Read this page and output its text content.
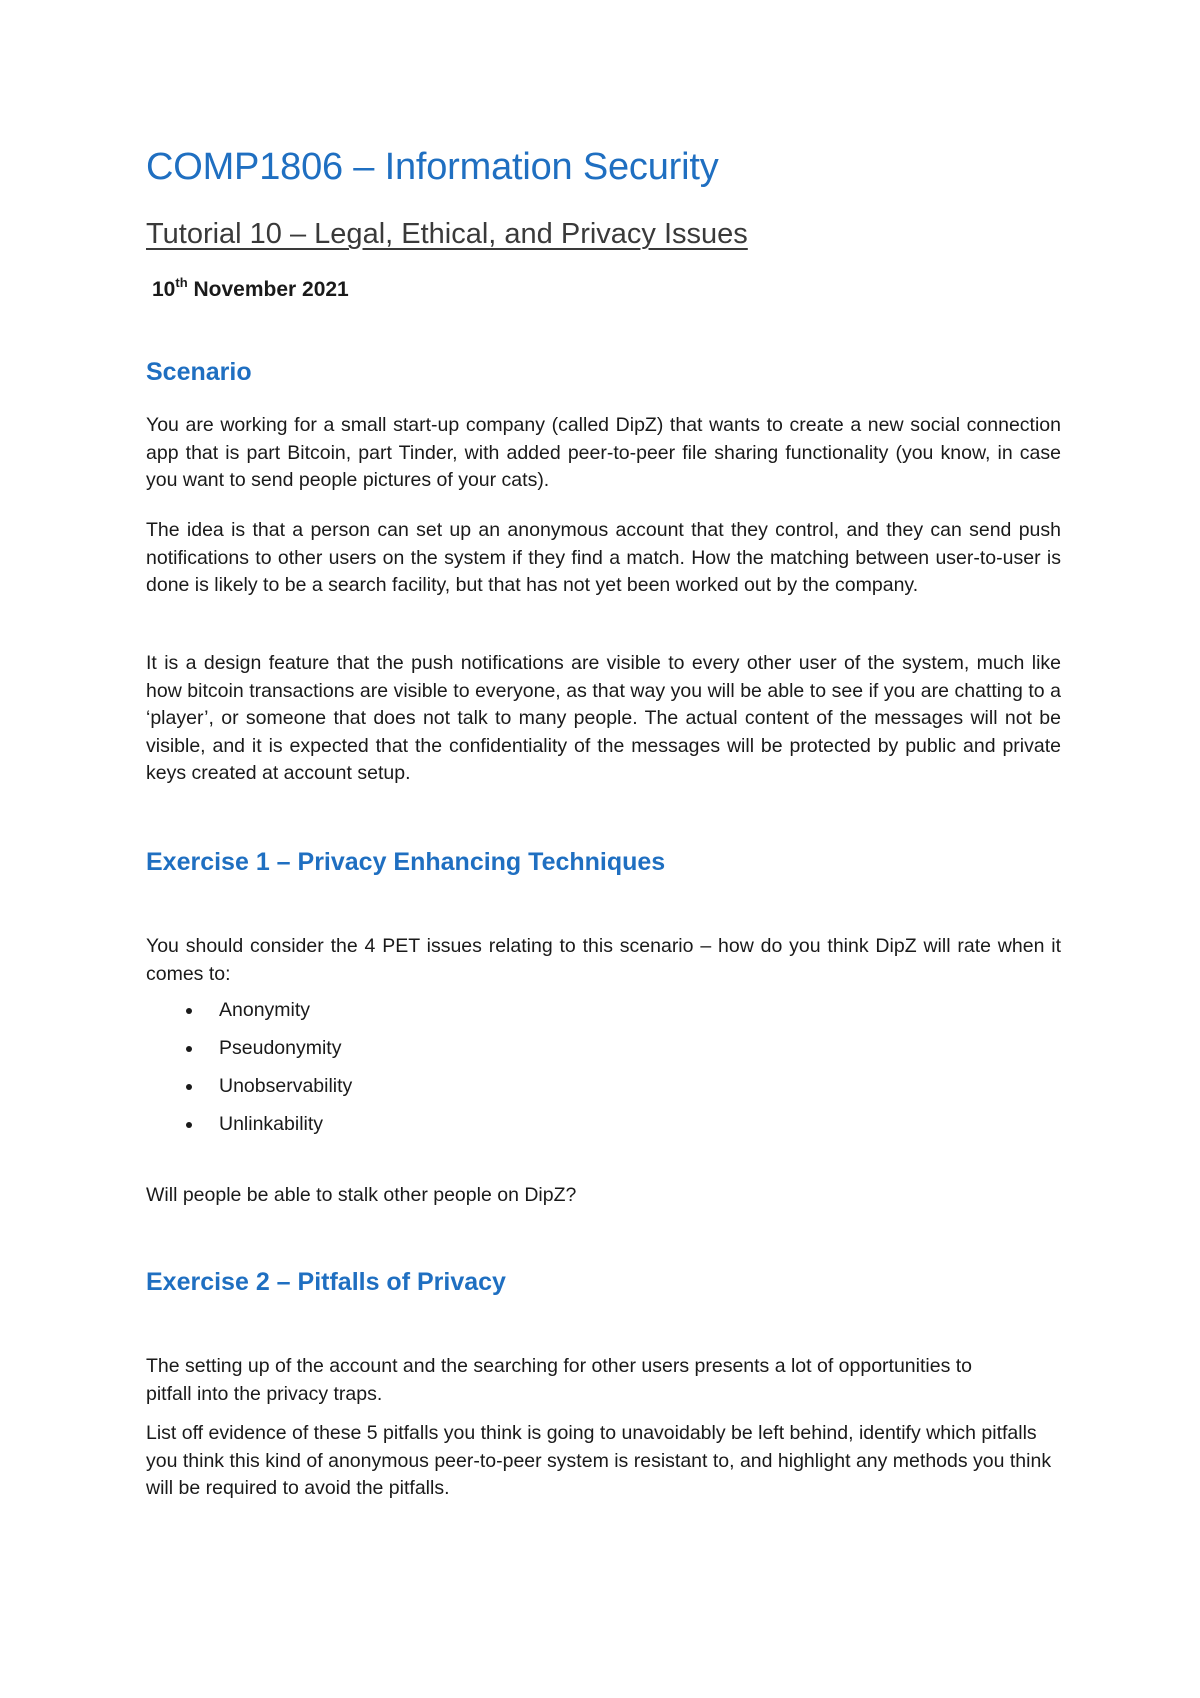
COMP1806 – Information Security
Tutorial 10 – Legal, Ethical, and Privacy Issues
10th November 2021
Scenario

You are working for a small start-up company (called DipZ) that wants to create a new social connection app that is part Bitcoin, part Tinder, with added peer-to-peer file sharing functionality (you know, in case you want to send people pictures of your cats).

The idea is that a person can set up an anonymous account that they control, and they can send push notifications to other users on the system if they find a match. How the matching between user-to-user is done is likely to be a search facility, but that has not yet been worked out by the company.

It is a design feature that the push notifications are visible to every other user of the system, much like how bitcoin transactions are visible to everyone, as that way you will be able to see if you are chatting to a ‘player’, or someone that does not talk to many people. The actual content of the messages will not be visible, and it is expected that the confidentiality of the messages will be protected by public and private keys created at account setup.

Exercise 1 – Privacy Enhancing Techniques

You should consider the 4 PET issues relating to this scenario – how do you think DipZ will rate when it comes to:

Anonymity
Pseudonymity
Unobservability
Unlinkability

Will people be able to stalk other people on DipZ?

Exercise 2 – Pitfalls of Privacy

The setting up of the account and the searching for other users presents a lot of opportunities to pitfall into the privacy traps.

List off evidence of these 5 pitfalls you think is going to unavoidably be left behind, identify which pitfalls you think this kind of anonymous peer-to-peer system is resistant to, and highlight any methods you think will be required to avoid the pitfalls.
